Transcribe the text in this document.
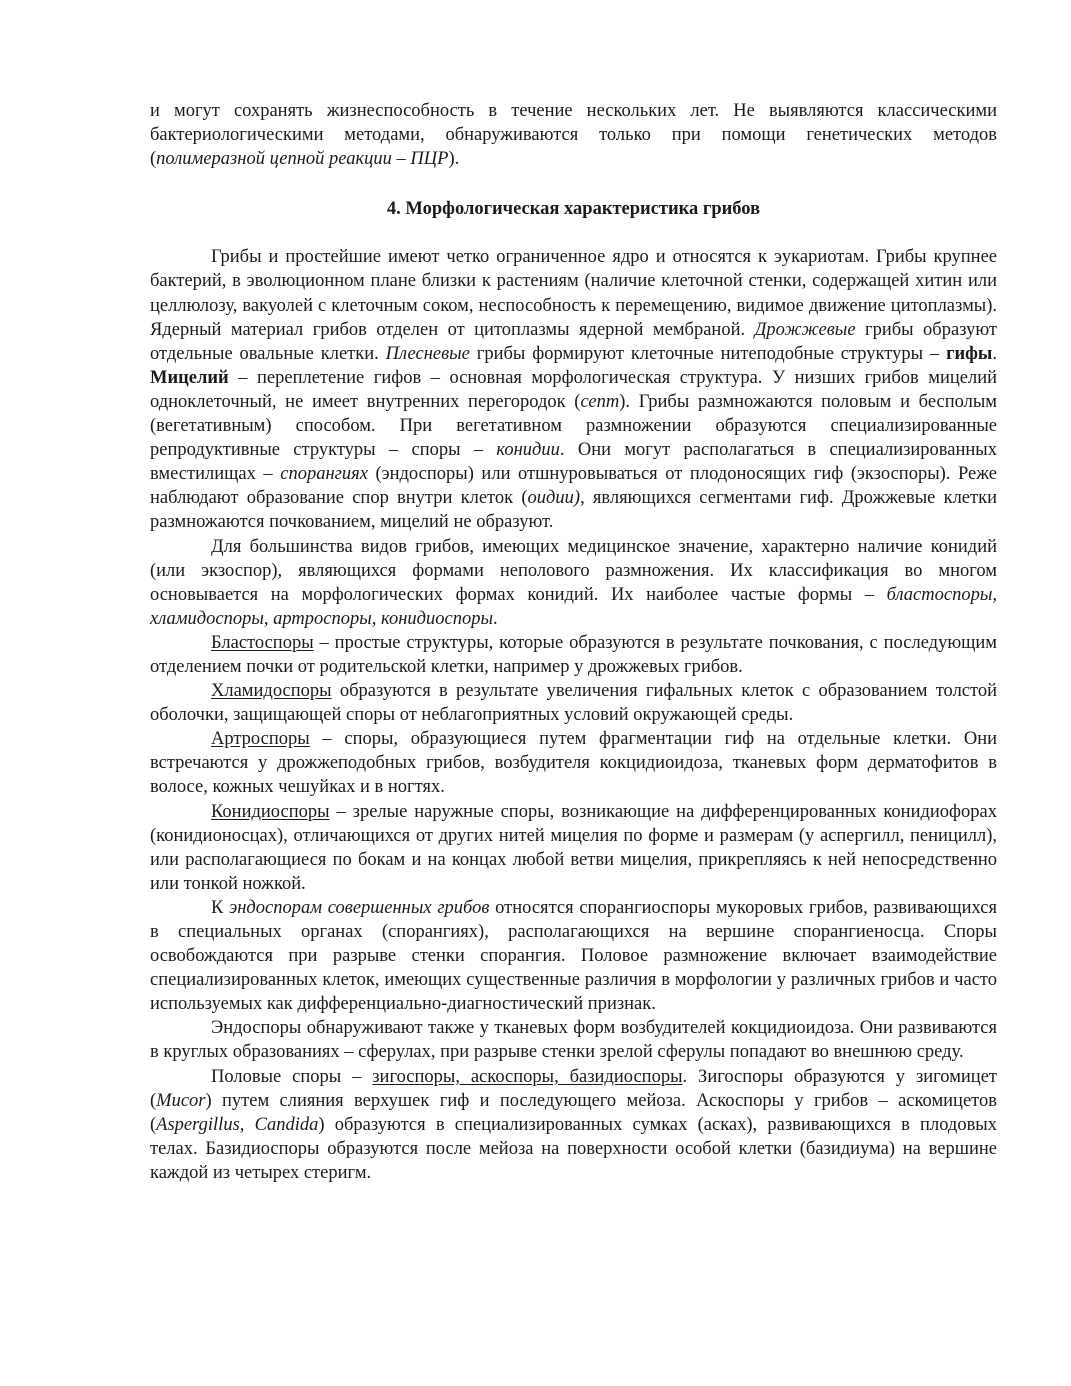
и могут сохранять жизнеспособность в течение нескольких лет. Не выявляются классическими бактериологическими методами, обнаруживаются только при помощи генетических методов (полимеразной цепной реакции – ПЦР).

4. Морфологическая характеристика грибов

Грибы и простейшие имеют четко ограниченное ядро и относятся к эукариотам. Грибы крупнее бактерий, в эволюционном плане близки к растениям (наличие клеточной стенки, содержащей хитин или целлюлозу, вакуолей с клеточным соком, неспособность к перемещению, видимое движение цитоплазмы). Ядерный материал грибов отделен от цитоплазмы ядерной мембраной. Дрожжевые грибы образуют отдельные овальные клетки. Плесневые грибы формируют клеточные нитеподобные структуры – гифы. Мицелий – переплетение гифов – основная морфологическая структура. У низших грибов мицелий одноклеточный, не имеет внутренних перегородок (септ). Грибы размножаются половым и бесполым (вегетативным) способом. При вегетативном размножении образуются специализированные репродуктивные структуры – споры – конидии. Они могут располагаться в специализированных вместилищах – спорангиях (эндоспоры) или отшнуровываться от плодоносящих гиф (экзоспоры). Реже наблюдают образование спор внутри клеток (оидии), являющихся сегментами гиф. Дрожжевые клетки размножаются почкованием, мицелий не образуют.

Для большинства видов грибов, имеющих медицинское значение, характерно наличие конидий (или экзоспор), являющихся формами неполового размножения. Их классификация во многом основывается на морфологических формах конидий. Их наиболее частые формы – бластоспоры, хламидоспоры, артроспоры, конидиоспоры.

Бластоспоры – простые структуры, которые образуются в результате почкования, с последующим отделением почки от родительской клетки, например у дрожжевых грибов.

Хламидоспоры образуются в результате увеличения гифальных клеток с образованием толстой оболочки, защищающей споры от неблагоприятных условий окружающей среды.

Артроспоры – споры, образующиеся путем фрагментации гиф на отдельные клетки. Они встречаются у дрожжеподобных грибов, возбудителя кокцидиоидоза, тканевых форм дерматофитов в волосе, кожных чешуйках и в ногтях.

Конидиоспоры – зрелые наружные споры, возникающие на дифференцированных конидиофорах (конидионосцах), отличающихся от других нитей мицелия по форме и размерам (у аспергилл, пеницилл), или располагающиеся по бокам и на концах любой ветви мицелия, прикрепляясь к ней непосредственно или тонкой ножкой.

К эндоспорам совершенных грибов относятся спорангиоспоры мукоровых грибов, развивающихся в специальных органах (спорангиях), располагающихся на вершине спорангиеносца. Споры освобождаются при разрыве стенки спорангия. Половое размножение включает взаимодействие специализированных клеток, имеющих существенные различия в морфологии у различных грибов и часто используемых как дифференциально-диагностический признак.

Эндоспоры обнаруживают также у тканевых форм возбудителей кокцидиоидоза. Они развиваются в круглых образованиях – сферулах, при разрыве стенки зрелой сферулы попадают во внешнюю среду.

Половые споры – зигоспоры, аскоспоры, базидиоспоры. Зигоспоры образуются у зигомицет (Mucor) путем слияния верхушек гиф и последующего мейоза. Аскоспоры у грибов – аскомицетов (Aspergillus, Candida) образуются в специализированных сумках (асках), развивающихся в плодовых телах. Базидиоспоры образуются после мейоза на поверхности особой клетки (базидиума) на вершине каждой из четырех стеригм.
